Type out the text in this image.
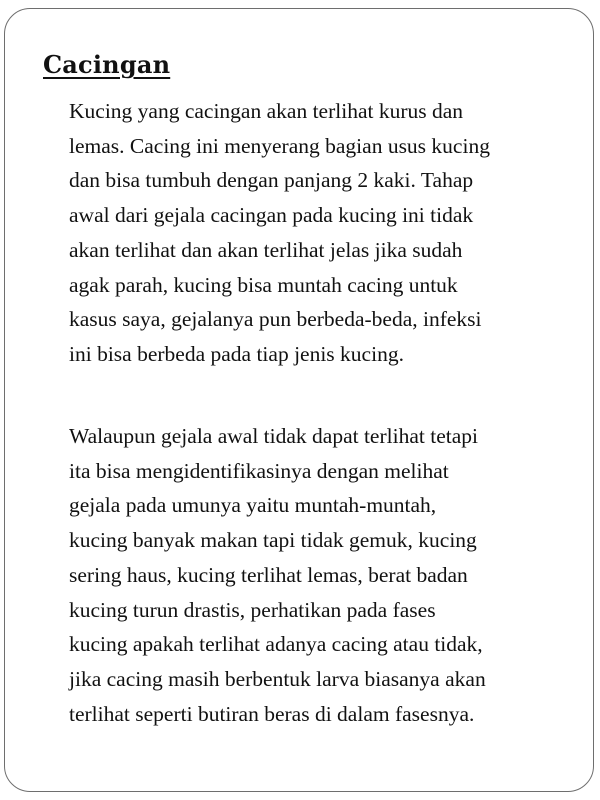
Cacingan

Kucing yang cacingan akan terlihat kurus dan
lemas. Cacing ini menyerang bagian usus kucing
dan bisa tumbuh dengan panjang 2 kaki. Tahap
awal dari gejala cacingan pada kucing ini tidak
akan terlihat dan akan terlihat jelas jika sudah
agak parah, kucing bisa muntah cacing untuk
kasus saya, gejalanya pun berbeda-beda, infeksi
ini bisa berbeda pada tiap jenis kucing.

Walaupun gejala awal tidak dapat terlihat tetapi
ita bisa mengidentifikasinya dengan melihat
gejala pada umunya yaitu muntah-muntah,
kucing banyak makan tapi tidak gemuk, kucing
sering haus, kucing terlihat lemas, berat badan
kucing turun drastis, perhatikan pada fases
kucing apakah terlihat adanya cacing atau tidak,
jika cacing masih berbentuk larva biasanya akan
terlihat seperti butiran beras di dalam fasesnya.
